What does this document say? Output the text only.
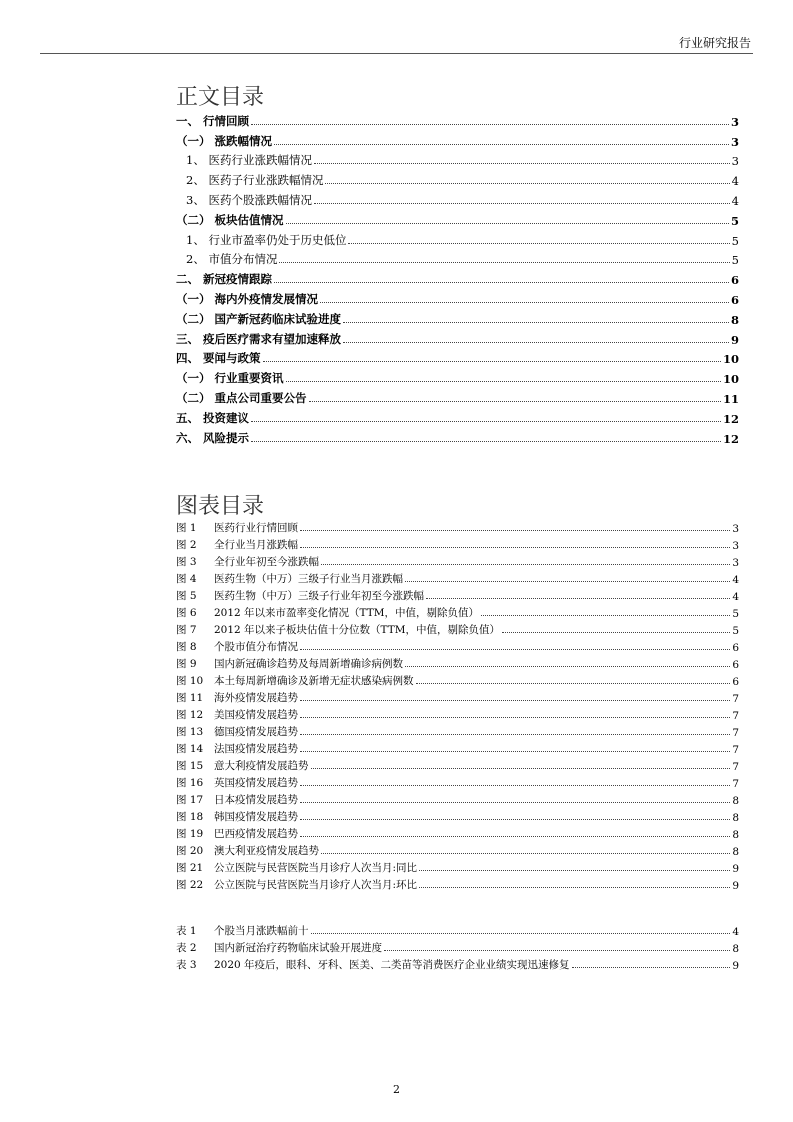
行业研究报告
正文目录
一、 行情回顾	3
（一） 涨跌幅情况	3
1、 医药行业涨跌幅情况	3
2、 医药子行业涨跌幅情况	4
3、 医药个股涨跌幅情况	4
（二） 板块估值情况	5
1、 行业市盈率仍处于历史低位	5
2、 市值分布情况	5
二、 新冠疫情跟踪	6
（一） 海内外疫情发展情况	6
（二） 国产新冠药临床试验进度	8
三、 疫后医疗需求有望加速释放	9
四、 要闻与政策	10
（一） 行业重要资讯	10
（二） 重点公司重要公告	11
五、 投资建议	12
六、 风险提示	12
图表目录
图 1 医药行业行情回顾	3
图 2 全行业当月涨跌幅	3
图 3 全行业年初至今涨跌幅	3
图 4 医药生物（中万）三级子行业当月涨跌幅	4
图 5 医药生物（中万）三级子行业年初至今涨跌幅	4
图 6 2012 年以来市盈率变化情况（TTM，中值，剔除负值）	5
图 7 2012 年以来子板块估值十分位数（TTM，中值，剔除负值）	5
图 8 个股市值分布情况	6
图 9 国内新冠确诊趋势及每周新增确诊病例数	6
图 10 本土每周新增确诊及新增无症状感染病例数	6
图 11 海外疫情发展趋势	7
图 12 美国疫情发展趋势	7
图 13 德国疫情发展趋势	7
图 14 法国疫情发展趋势	7
图 15 意大利疫情发展趋势	7
图 16 英国疫情发展趋势	7
图 17 日本疫情发展趋势	8
图 18 韩国疫情发展趋势	8
图 19 巴西疫情发展趋势	8
图 20 澳大利亚疫情发展趋势	8
图 21 公立医院与民营医院当月诊疗人次当月:同比	9
图 22 公立医院与民营医院当月诊疗人次当月:环比	9
表 1 个股当月涨跌幅前十	4
表 2 国内新冠治疗药物临床试验开展进度	8
表 3 2020 年疫后，眼科、牙科、医美、二类苗等消费医疗企业业绩实现迅速修复	9
2
